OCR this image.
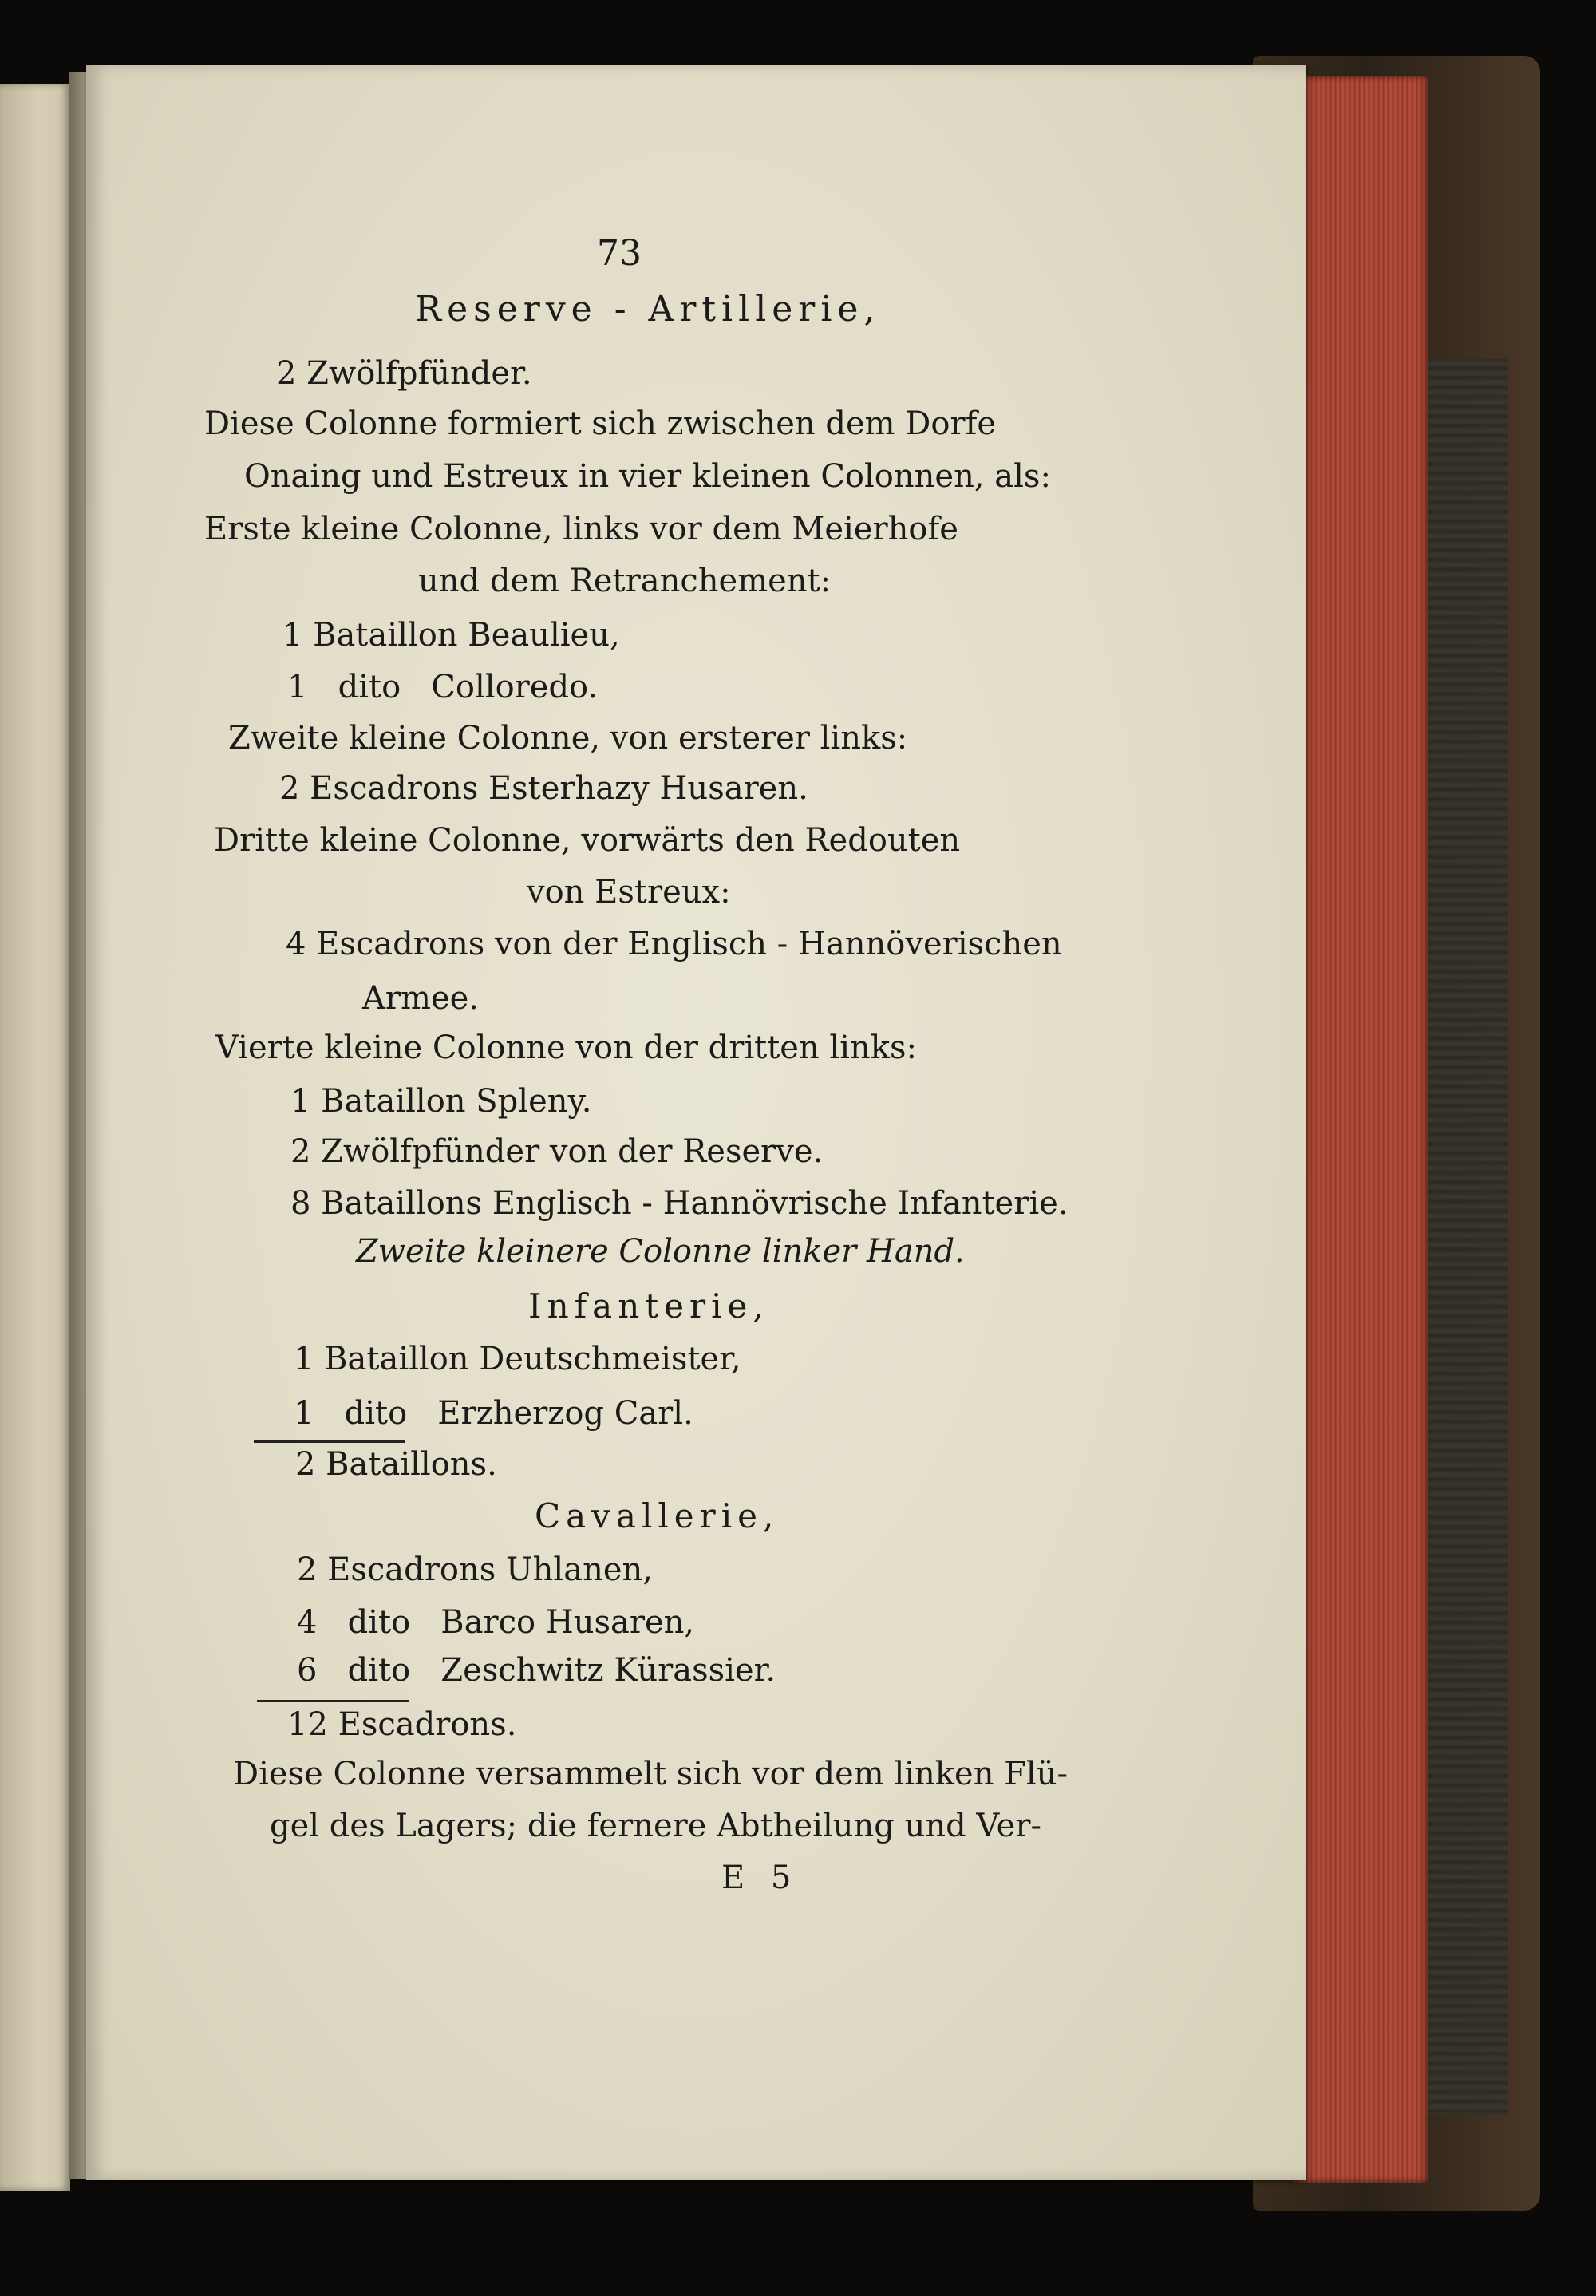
73
Reserve - Artillerie,
2 Zwölfpfünder.
Diese Colonne formiert sich zwischen dem Dorfe
Onaing und Estreux in vier kleinen Colonnen, als:
Erste kleine Colonne, links vor dem Meierhofe
und dem Retranchement:
1 Bataillon Beaulieu,
1   dito   Colloredo.
Zweite kleine Colonne, von ersterer links:
2 Escadrons Esterhazy Husaren.
Dritte kleine Colonne, vorwärts den Redouten
von Estreux:
4 Escadrons von der Englisch - Hannöverischen
Armee.
Vierte kleine Colonne von der dritten links:
1 Bataillon Spleny.
2 Zwölfpfünder von der Reserve.
8 Bataillons Englisch - Hannövrische Infanterie.
Zweite kleinere Colonne linker Hand.
Infanterie,
1 Bataillon Deutschmeister,
1   dito   Erzherzog Carl.
2 Bataillons.
Cavallerie,
2 Escadrons Uhlanen,
4   dito   Barco Husaren,
6   dito   Zeschwitz Kürassier.
12 Escadrons.
Diese Colonne versammelt sich vor dem linken Flü-
gel des Lagers; die fernere Abtheilung und Ver-
E 5
